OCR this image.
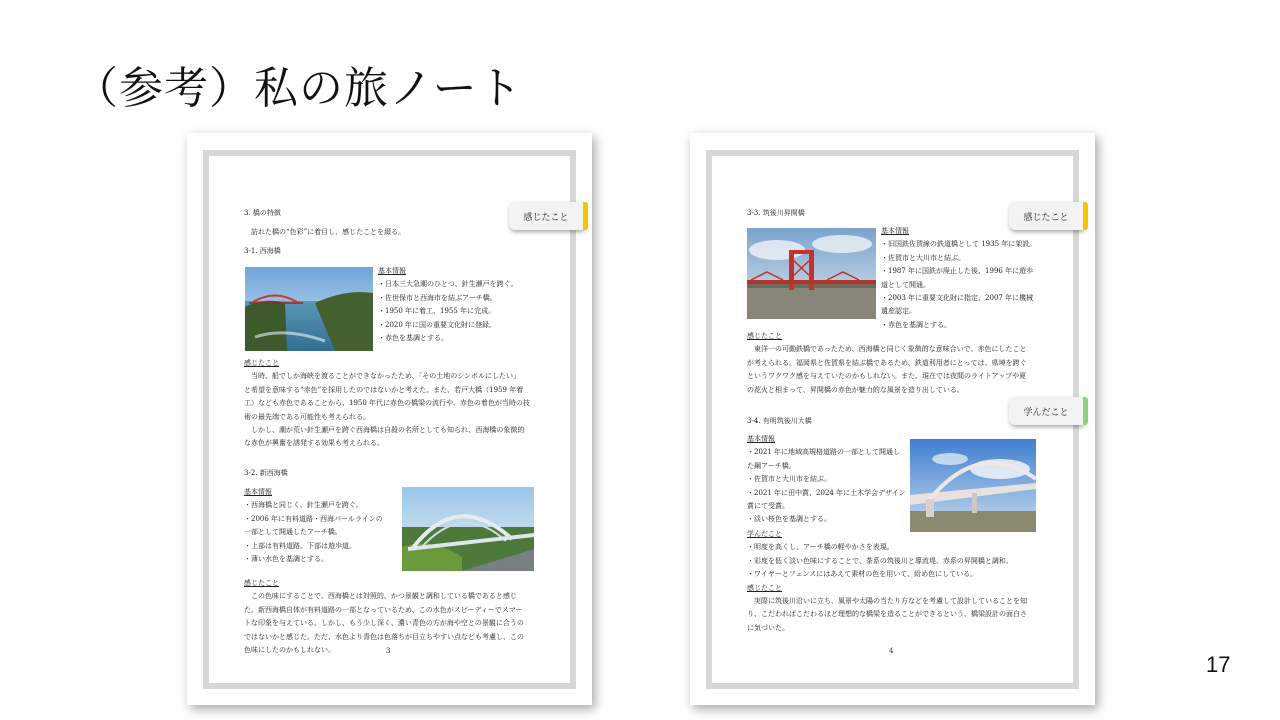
（参考）私の旅ノート
3. 橋の特徴
訪れた橋の“色彩”に着目し、感じたことを綴る。
3-1. 西海橋
基本情報
・日本三大急潮のひとつ、針生瀬戸を跨ぐ。
・佐世保市と西海市を結ぶアーチ橋。
・1950 年に着工、1955 年に完成。
・2020 年に国の重要文化財に登録。
・赤色を基調とする。
感じたこと
当時、船でしか海峡を渡ることができなかったため、「その土地のシンボルにしたい」
と希望を意味する“赤色”を採用したのではないかと考えた。また、若戸大橋（1959 年着
工）なども赤色であることから、1950 年代に赤色の橋梁の流行や、赤色の着色が当時の技
術の最先端である可能性も考えられる。
しかし、潮が荒い針生瀬戸を跨ぐ西海橋は自殺の名所としても知られ、西海橋の象徴的
な赤色が興奮を誘発する効果も考えられる。
3-2. 新西海橋
基本情報
・西海橋と同じく、針生瀬戸を跨ぐ。
・2006 年に有料道路・西海パールラインの
一部として開通したアーチ橋。
・上部は有料道路、下部は遊歩道。
・薄い水色を基調とする。
感じたこと
この色味にすることで、西海橋とは対照的、かつ景観と調和している橋であると感じ
た。新西海橋自体が有料道路の一部となっているため、この水色がスピーディーでスマー
トな印象を与えている。しかし、もう少し深く、濃い青色の方が海や空との景観に合うの
ではないかと感じた。ただ、水色より青色は色落ちが目立ちやすい点なども考慮し、この
色味にしたのかもしれない。	3
感じたこと	3-3. 筑後川昇開橋
基本情報
・旧国鉄佐賀線の鉄道橋として 1935 年に架設。
・佐賀市と大川市と結ぶ。
・1987 年に国鉄が廃止した後、1996 年に遊歩
道として開通。
・2003 年に重要文化財に指定、2007 年に機械
遺産認定。
・赤色を基調とする。
感じたこと
東洋一の可動鉄橋であったため、西海橋と同じく象徴的な意味合いで、赤色にしたこと
が考えられる。福岡県と佐賀県を結ぶ橋であるため、鉄道利用者にとっては、県境を跨ぐ
というワクワク感を与えていたのかもしれない。また、現在では夜間のライトアップや夏
の花火と相まって、昇開橋の赤色が魅力的な風景を造り出している。
3-4. 有明筑後川大橋
基本情報
・2021 年に地域高規格道路の一部として開通し
た鋼アーチ橋。
・佐賀市と大川市を結ぶ。
・2021 年に田中賞、2024 年に土木学会デザイン
賞にて受賞。
・淡い桜色を基調とする。
学んだこと
・明度を高くし、アーチ橋の軽やかさを表現。
・彩度を低く淡い色味にすることで、茶系の筑後川と導流堤、赤系の昇開橋と調和。
・ワイヤーとフェンスにはあえて素材の色を用いて、紛め色にしている。
感じたこと
実際に筑後川沿いに立ち、風景や太陽の当たり方などを考慮して設計していることを知
り、こだわればこだわるほど理想的な橋梁を造ることができるという、橋梁設計の面白さ
に気づいた。
4
感じたこと
学んだこと
17
